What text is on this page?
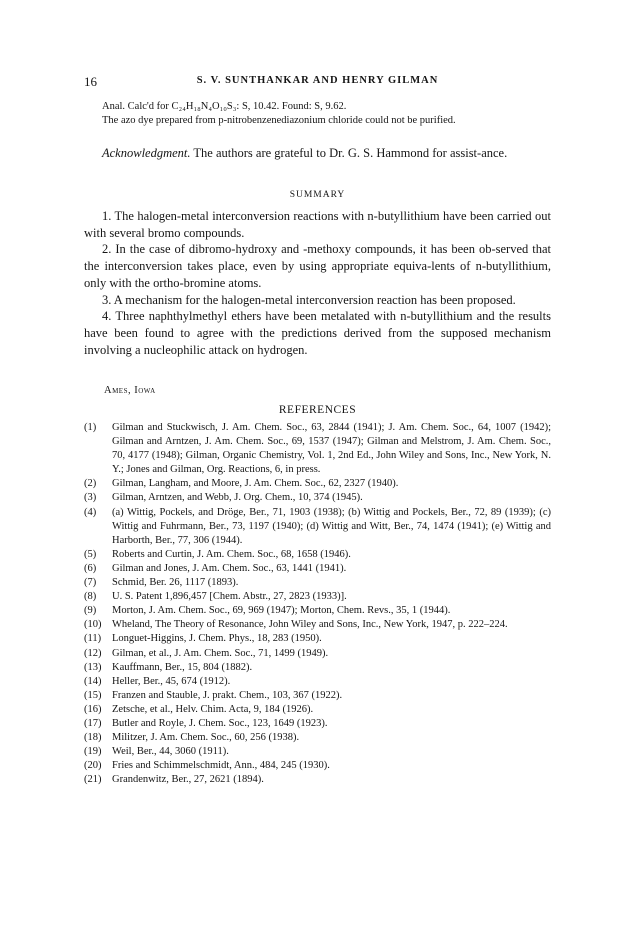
16	S. V. SUNTHANKAR AND HENRY GILMAN
Anal. Calc'd for C₂₄H₁₈N₄O₁₀S₃: S, 10.42. Found: S, 9.62.
The azo dye prepared from p-nitrobenzenediazonium chloride could not be purified.
Acknowledgment. The authors are grateful to Dr. G. S. Hammond for assist-ance.
SUMMARY
1. The halogen-metal interconversion reactions with n-butyllithium have been carried out with several bromo compounds.
2. In the case of dibromo-hydroxy and -methoxy compounds, it has been ob-served that the interconversion takes place, even by using appropriate equiva-lents of n-butyllithium, only with the ortho-bromine atoms.
3. A mechanism for the halogen-metal interconversion reaction has been proposed.
4. Three naphthylmethyl ethers have been metalated with n-butyllithium and the results have been found to agree with the predictions derived from the supposed mechanism involving a nucleophilic attack on hydrogen.
Ames, Iowa
REFERENCES
(1) Gilman and Stuckwisch, J. Am. Chem. Soc., 63, 2844 (1941); J. Am. Chem. Soc., 64, 1007 (1942); Gilman and Arntzen, J. Am. Chem. Soc., 69, 1537 (1947); Gilman and Melstrom, J. Am. Chem. Soc., 70, 4177 (1948); Gilman, Organic Chemistry, Vol. 1, 2nd Ed., John Wiley and Sons, Inc., New York, N. Y.; Jones and Gilman, Org. Reactions, 6, in press.
(2) Gilman, Langham, and Moore, J. Am. Chem. Soc., 62, 2327 (1940).
(3) Gilman, Arntzen, and Webb, J. Org. Chem., 10, 374 (1945).
(4) (a) Wittig, Pockels, and Dröge, Ber., 71, 1903 (1938); (b) Wittig and Pockels, Ber., 72, 89 (1939); (c) Wittig and Fuhrmann, Ber., 73, 1197 (1940); (d) Wittig and Witt, Ber., 74, 1474 (1941); (e) Wittig and Harborth, Ber., 77, 306 (1944).
(5) Roberts and Curtin, J. Am. Chem. Soc., 68, 1658 (1946).
(6) Gilman and Jones, J. Am. Chem. Soc., 63, 1441 (1941).
(7) Schmid, Ber. 26, 1117 (1893).
(8) U. S. Patent 1,896,457 [Chem. Abstr., 27, 2823 (1933)].
(9) Morton, J. Am. Chem. Soc., 69, 969 (1947); Morton, Chem. Revs., 35, 1 (1944).
(10) Wheland, The Theory of Resonance, John Wiley and Sons, Inc., New York, 1947, p. 222–224.
(11) Longuet-Higgins, J. Chem. Phys., 18, 283 (1950).
(12) Gilman, et al., J. Am. Chem. Soc., 71, 1499 (1949).
(13) Kauffmann, Ber., 15, 804 (1882).
(14) Heller, Ber., 45, 674 (1912).
(15) Franzen and Stauble, J. prakt. Chem., 103, 367 (1922).
(16) Zetsche, et al., Helv. Chim. Acta, 9, 184 (1926).
(17) Butler and Royle, J. Chem. Soc., 123, 1649 (1923).
(18) Militzer, J. Am. Chem. Soc., 60, 256 (1938).
(19) Weil, Ber., 44, 3060 (1911).
(20) Fries and Schimmelschmidt, Ann., 484, 245 (1930).
(21) Grandenwitz, Ber., 27, 2621 (1894).
